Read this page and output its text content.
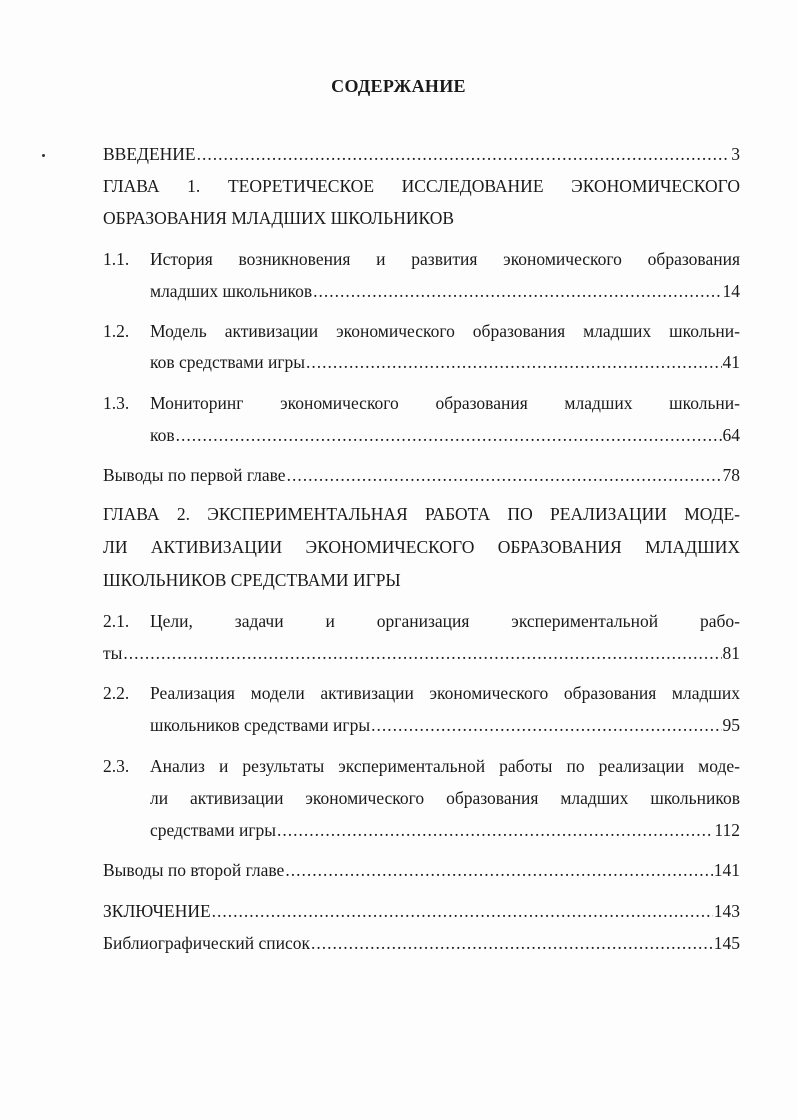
СОДЕРЖАНИЕ
ВВЕДЕНИЕ .....	3
ГЛАВА 1. ТЕОРЕТИЧЕСКОЕ ИССЛЕДОВАНИЕ ЭКОНОМИЧЕСКОГО
ОБРАЗОВАНИЯ МЛАДШИХ ШКОЛЬНИКОВ
1.1. История возникновения и развития экономического образования
младших школьников .....	14
1.2. Модель активизации экономического образования младших школьни-
ков средствами игры .....	41
1.3. Мониторинг экономического образования младших школьни-
ков .....	64
Выводы по первой главе .....	78
ГЛАВА 2. ЭКСПЕРИМЕНТАЛЬНАЯ РАБОТА ПО РЕАЛИЗАЦИИ МОДЕ-
ЛИ АКТИВИЗАЦИИ ЭКОНОМИЧЕСКОГО ОБРАЗОВАНИЯ МЛАДШИХ
ШКОЛЬНИКОВ СРЕДСТВАМИ ИГРЫ
2.1. Цели, задачи и организация экспериментальной рабо-
ты .....	81
2.2. Реализация модели активизации экономического образования младших
школьников средствами игры .....	95
2.3. Анализ и результаты экспериментальной работы по реализации моде-
ли активизации экономического образования младших школьников
средствами игры .....	112
Выводы по второй главе .....	141
ЗКЛЮЧЕНИЕ .....	143
Библиографический список .....	145
